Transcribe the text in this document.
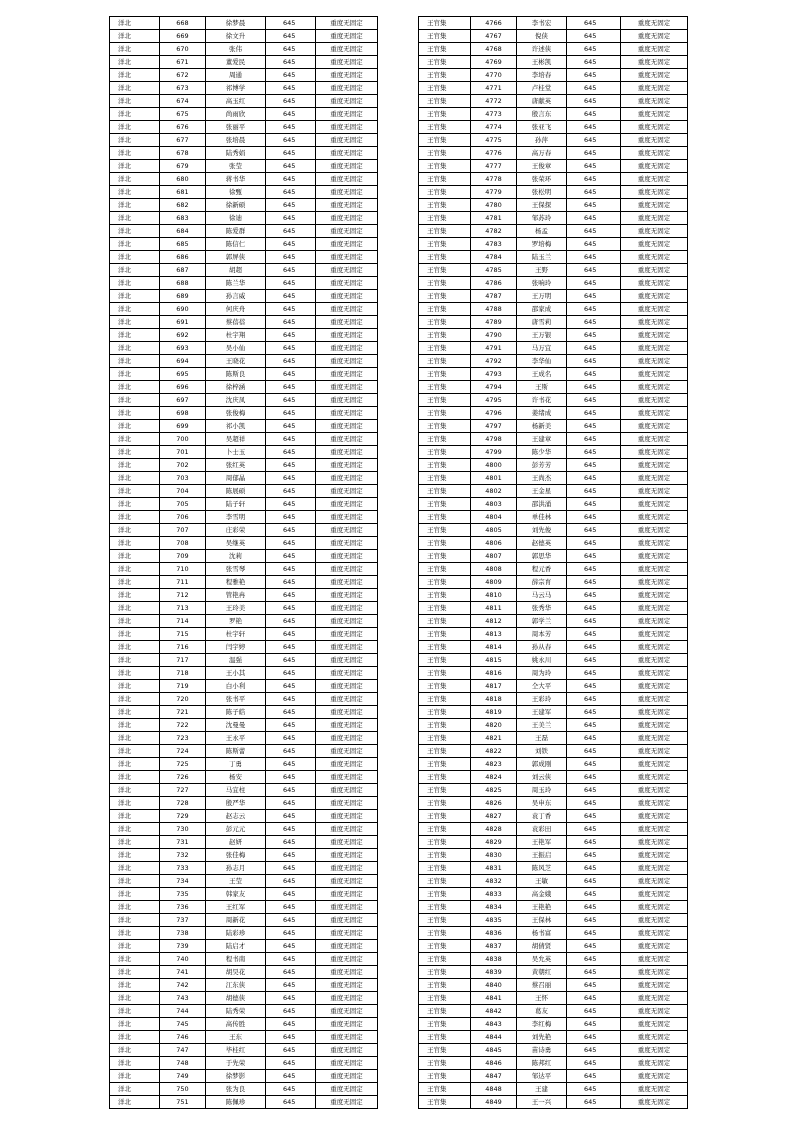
洋北	668	徐梦晨	645	重度无固定
洋北	669	徐文升	645	重度无固定
洋北	670	张伟	645	重度无固定
洋北	671	董爱民	645	重度无固定
洋北	672	周通	645	重度无固定
洋北	673	祁博学	645	重度无固定
洋北	674	高玉红	645	重度无固定
洋北	675	尚雨欣	645	重度无固定
洋北	676	张丽平	645	重度无固定
洋北	677	张培晨	645	重度无固定
洋北	678	陆秀娟	645	重度无固定
洋北	679	张莹	645	重度无固定
洋北	680	蒋书华	645	重度无固定
洋北	681	徐甄	645	重度无固定
洋北	682	徐新硕	645	重度无固定
洋北	683	徐迪	645	重度无固定
洋北	684	陈爱群	645	重度无固定
洋北	685	陈信仁	645	重度无固定
洋北	686	郭屏侠	645	重度无固定
洋北	687	胡超	645	重度无固定
洋北	688	陈兰华	645	重度无固定
洋北	689	孙言威	645	重度无固定
洋北	690	何庆舟	645	重度无固定
洋北	691	蔡蓓蓓	645	重度无固定
洋北	692	杜宇翔	645	重度无固定
洋北	693	吴小仙	645	重度无固定
洋北	694	王晓花	645	重度无固定
洋北	695	陈斯良	645	重度无固定
洋北	696	徐梓涵	645	重度无固定
洋北	697	沈庆凤	645	重度无固定
洋北	698	张俊梅	645	重度无固定
洋北	699	祁小凯	645	重度无固定
洋北	700	吴超祥	645	重度无固定
洋北	701	卜士玉	645	重度无固定
洋北	702	张红英	645	重度无固定
洋北	703	周郁晶	645	重度无固定
洋北	704	陈展硕	645	重度无固定
洋北	705	陆子轩	645	重度无固定
洋北	706	李雪明	645	重度无固定
洋北	707	庄彩荣	645	重度无固定
洋北	708	吴继英	645	重度无固定
洋北	709	沈莉	645	重度无固定
洋北	710	张雪琴	645	重度无固定
洋北	711	程雅艳	645	重度无固定
洋北	712	管艳冉	645	重度无固定
洋北	713	王玲美	645	重度无固定
洋北	714	罗艳	645	重度无固定
洋北	715	杜宇轩	645	重度无固定
洋北	716	闫宇婷	645	重度无固定
洋北	717	温强	645	重度无固定
洋北	718	王小其	645	重度无固定
洋北	719	白小利	645	重度无固定
洋北	720	张书平	645	重度无固定
洋北	721	陈子皓	645	重度无固定
洋北	722	沈曼曼	645	重度无固定
洋北	723	王永平	645	重度无固定
洋北	724	陈斯蕾	645	重度无固定
洋北	725	丁勇	645	重度无固定
洋北	726	杨安	645	重度无固定
洋北	727	马宜柱	645	重度无固定
洋北	728	殷严华	645	重度无固定
洋北	729	赵志云	645	重度无固定
洋北	730	彭元元	645	重度无固定
洋北	731	赵妍	645	重度无固定
洋北	732	张佳梅	645	重度无固定
洋北	733	孙志月	645	重度无固定
洋北	734	王莹	645	重度无固定
洋北	735	韩家友	645	重度无固定
洋北	736	王红军	645	重度无固定
洋北	737	周新花	645	重度无固定
洋北	738	陆彩珍	645	重度无固定
洋北	739	陆启才	645	重度无固定
洋北	740	程书南	645	重度无固定
洋北	741	胡昊花	645	重度无固定
洋北	742	江东侠	645	重度无固定
洋北	743	胡德侠	645	重度无固定
洋北	744	陆秀荣	645	重度无固定
洋北	745	高传胜	645	重度无固定
洋北	746	王东	645	重度无固定
洋北	747	毕桂红	645	重度无固定
洋北	748	于先荣	645	重度无固定
洋北	749	徐梦影	645	重度无固定
洋北	750	张为良	645	重度无固定
洋北	751	陈佩珍	645	重度无固定
王官集	4766	李书宏	645	重度无固定
王官集	4767	倪侠	645	重度无固定
王官集	4768	许述侠	645	重度无固定
王官集	4769	王彬凯	645	重度无固定
王官集	4770	李培春	645	重度无固定
王官集	4771	卢桂堂	645	重度无固定
王官集	4772	唐献英	645	重度无固定
王官集	4773	殷言东	645	重度无固定
王官集	4774	张亚飞	645	重度无固定
王官集	4775	孙萍	645	重度无固定
王官集	4776	高万春	645	重度无固定
王官集	4777	王俊章	645	重度无固定
王官集	4778	张荣环	645	重度无固定
王官集	4779	张松明	645	重度无固定
王官集	4780	王保探	645	重度无固定
王官集	4781	邹苏玲	645	重度无固定
王官集	4782	杨孟	645	重度无固定
王官集	4783	罗培梅	645	重度无固定
王官集	4784	陆玉兰	645	重度无固定
王官集	4785	王野	645	重度无固定
王官集	4786	张响玲	645	重度无固定
王官集	4787	王万明	645	重度无固定
王官集	4788	邵家成	645	重度无固定
王官集	4789	唐雪莉	645	重度无固定
王官集	4790	王万银	645	重度无固定
王官集	4791	马万宜	645	重度无固定
王官集	4792	李华仙	645	重度无固定
王官集	4793	王成名	645	重度无固定
王官集	4794	王斯	645	重度无固定
王官集	4795	许书花	645	重度无固定
王官集	4796	姜绪成	645	重度无固定
王官集	4797	杨新美	645	重度无固定
王官集	4798	王建章	645	重度无固定
王官集	4799	陈少华	645	重度无固定
王官集	4800	彭芳芳	645	重度无固定
王官集	4801	王尚杰	645	重度无固定
王官集	4802	王金星	645	重度无固定
王官集	4803	邵洪涌	645	重度无固定
王官集	4804	单佳林	645	重度无固定
王官集	4805	刘先俊	645	重度无固定
王官集	4806	赵德英	645	重度无固定
王官集	4807	郭思华	645	重度无固定
王官集	4808	程元香	645	重度无固定
王官集	4809	薛宗育	645	重度无固定
王官集	4810	马云马	645	重度无固定
王官集	4811	张秀华	645	重度无固定
王官集	4812	郭学兰	645	重度无固定
王官集	4813	周本芳	645	重度无固定
王官集	4814	孙从春	645	重度无固定
王官集	4815	姚永川	645	重度无固定
王官集	4816	周为玲	645	重度无固定
王官集	4817	仝大平	645	重度无固定
王官集	4818	王彩玲	645	重度无固定
王官集	4819	王建军	645	重度无固定
王官集	4820	王美兰	645	重度无固定
王官集	4821	王磊	645	重度无固定
王官集	4822	刘铁	645	重度无固定
王官集	4823	郭成刚	645	重度无固定
王官集	4824	刘云侠	645	重度无固定
王官集	4825	周玉玲	645	重度无固定
王官集	4826	吴申东	645	重度无固定
王官集	4827	袁丁香	645	重度无固定
王官集	4828	袁彩田	645	重度无固定
王官集	4829	王艳军	645	重度无固定
王官集	4830	王振启	645	重度无固定
王官集	4831	陈风芝	645	重度无固定
王官集	4832	王敏	645	重度无固定
王官集	4833	高金娥	645	重度无固定
王官集	4834	王艳艳	645	重度无固定
王官集	4835	王保林	645	重度无固定
王官集	4836	杨书富	645	重度无固定
王官集	4837	胡倩贤	645	重度无固定
王官集	4838	吴允英	645	重度无固定
王官集	4839	黄朝红	645	重度无固定
王官集	4840	蔡召丽	645	重度无固定
王官集	4841	王怀	645	重度无固定
王官集	4842	葛友	645	重度无固定
王官集	4843	李红梅	645	重度无固定
王官集	4844	刘先艳	645	重度无固定
王官集	4845	苗诗勇	645	重度无固定
王官集	4846	陈邦红	645	重度无固定
王官集	4847	邹达平	645	重度无固定
王官集	4848	王建	645	重度无固定
王官集	4849	王一兴	645	重度无固定
